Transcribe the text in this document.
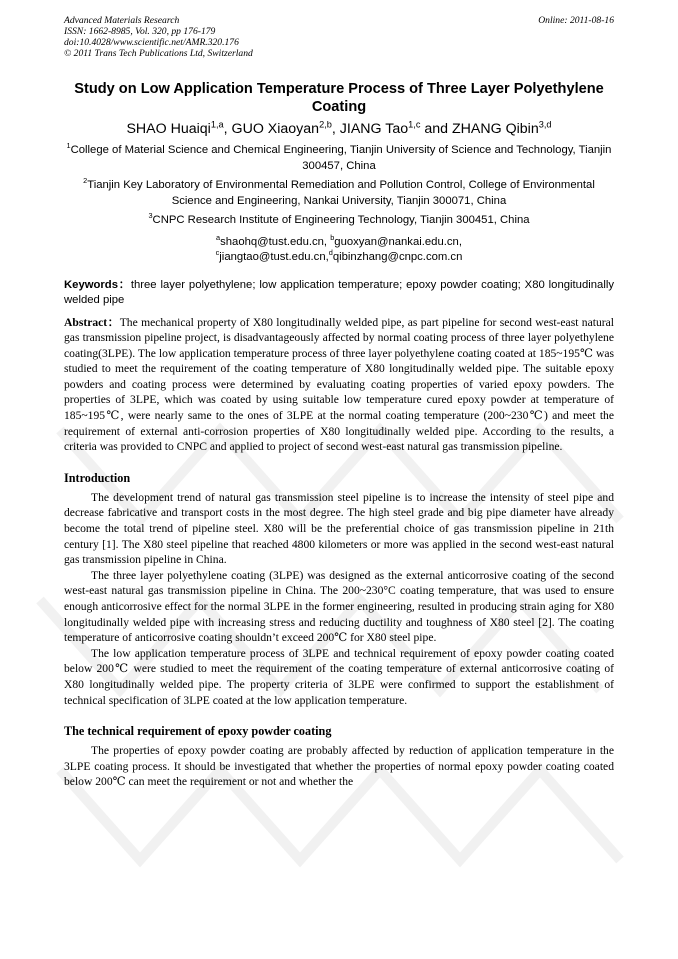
Advanced Materials Research
ISSN: 1662-8985, Vol. 320, pp 176-179
doi:10.4028/www.scientific.net/AMR.320.176
© 2011 Trans Tech Publications Ltd, Switzerland
Online: 2011-08-16
Study on Low Application Temperature Process of Three Layer Polyethylene Coating
SHAO Huaiqi$^{1,a}$, GUO Xiaoyan$^{2,b}$, JIANG Tao$^{1,c}$ and ZHANG Qibin$^{3,d}$
$^1$College of Material Science and Chemical Engineering, Tianjin University of Science and Technology, Tianjin 300457, China
$^2$Tianjin Key Laboratory of Environmental Remediation and Pollution Control, College of Environmental Science and Engineering, Nankai University, Tianjin 300071, China
$^3$CNPC Research Institute of Engineering Technology, Tianjin 300451, China
$^a$shaohq@tust.edu.cn, $^b$guoxyan@nankai.edu.cn,
$^c$jiangtao@tust.edu.cn,$^d$qibinzhang@cnpc.com.cn
Keywords：three layer polyethylene; low application temperature; epoxy powder coating; X80 longitudinally welded pipe
Abstract：The mechanical property of X80 longitudinally welded pipe, as part pipeline for second west-east natural gas transmission pipeline project, is disadvantageously affected by normal coating process of three layer polyethylene coating(3LPE). The low application temperature process of three layer polyethylene coating coated at 185~195℃ was studied to meet the requirement of the coating temperature of X80 longitudinally welded pipe. The suitable epoxy powders and coating process were determined by evaluating coating properties of varied epoxy powders. The properties of 3LPE, which was coated by using suitable low temperature cured epoxy powder at temperature of 185~195℃, were nearly same to the ones of 3LPE at the normal coating temperature (200~230℃) and meet the requirement of external anti-corrosion properties of X80 longitudinally welded pipe. According to the results, a criteria was provided to CNPC and applied to project of second west-east natural gas transmission pipeline.
Introduction

The development trend of natural gas transmission steel pipeline is to increase the intensity of steel pipe and decrease fabricative and transport costs in the most degree. The high steel grade and big pipe diameter have already become the total trend of pipeline steel. X80 will be the preferential choice of gas transmission pipeline in 21th century [1]. The X80 steel pipeline that reached 4800 kilometers or more was applied in the second west-east natural gas transmission pipeline in China.

The three layer polyethylene coating (3LPE) was designed as the external anticorrosive coating of the second west-east natural gas transmission pipeline in China. The 200~230°C coating temperature, that was used to ensure enough anticorrosive effect for the normal 3LPE in the former engineering, resulted in producing strain aging for X80 longitudinally welded pipe with increasing stress and reducing ductility and toughness of X80 steel [2]. The coating temperature of anticorrosive coating shouldn’t exceed 200℃ for X80 steel pipe.

The low application temperature process of 3LPE and technical requirement of epoxy powder coating coated below 200℃ were studied to meet the requirement of the coating temperature of external anticorrosive coating of X80 longitudinally welded pipe. The property criteria of 3LPE were confirmed to support the establishment of technical specification of 3LPE coated at the low application temperature.

The technical requirement of epoxy powder coating

The properties of epoxy powder coating are probably affected by reduction of application temperature in the 3LPE coating process. It should be investigated that whether the properties of normal epoxy powder coating coated below 200℃ can meet the requirement or not and whether the
